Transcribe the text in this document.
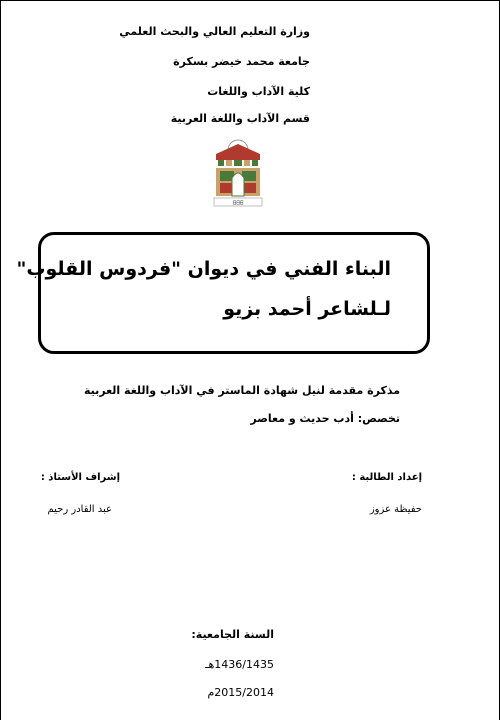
وزارة التعليم العالي والبحث العلمي
جامعة محمد خيضر بسكرة
كلية الآداب واللغات
قسم الآداب واللغة العربية
ᗺᗺᗺ
البناء الفني في ديوان "فردوس القلوب"
لـلشاعر أحمد بزيو
مذكرة مقدمة لنيل شهادة الماستر في الآداب واللغة العربية
تخصص: أدب حديث و معاصر
إعداد الطالبة :
حفيظة عزوز
إشراف الأستاذ :
عبد القادر رحيم
السنة الجامعية:
1436/1435هـ
2015/2014م
